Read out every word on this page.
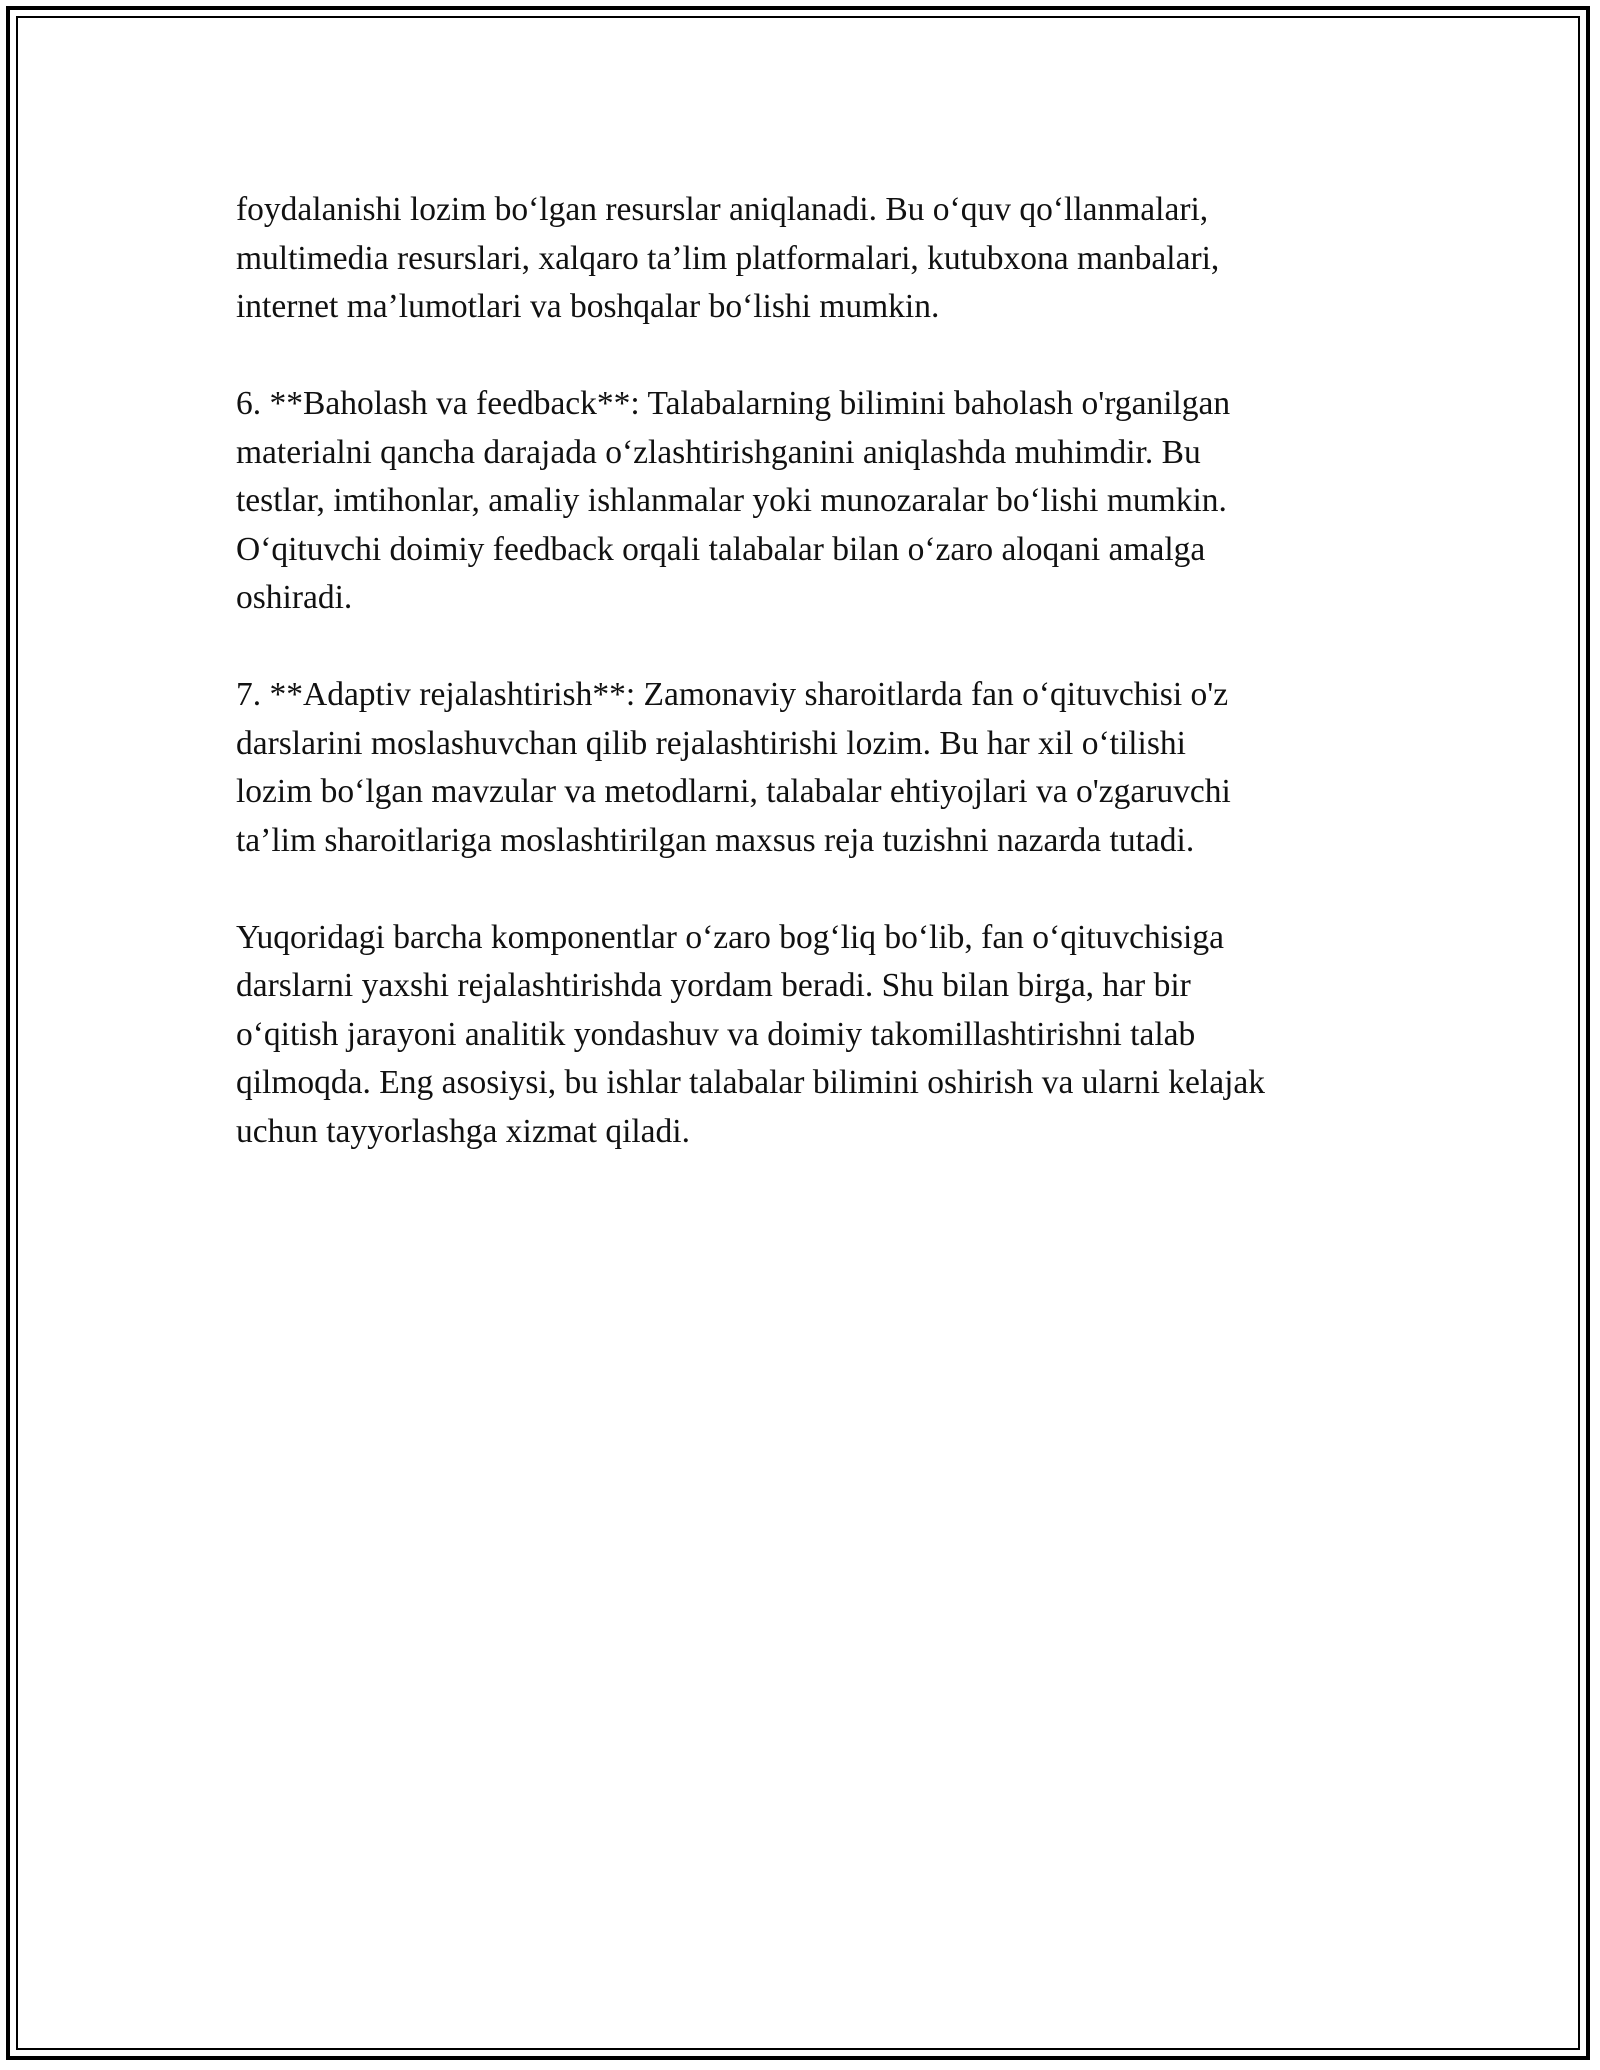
foydalanishi lozim bo‘lgan resurslar aniqlanadi. Bu o‘quv qo‘llanmalari,
multimedia resurslari, xalqaro ta’lim platformalari, kutubxona manbalari,
internet ma’lumotlari va boshqalar bo‘lishi mumkin.

6. **Baholash va feedback**: Talabalarning bilimini baholash o'rganilgan
materialni qancha darajada o‘zlashtirishganini aniqlashda muhimdir. Bu
testlar, imtihonlar, amaliy ishlanmalar yoki munozaralar bo‘lishi mumkin.
O‘qituvchi doimiy feedback orqali talabalar bilan o‘zaro aloqani amalga
oshiradi.

7. **Adaptiv rejalashtirish**: Zamonaviy sharoitlarda fan o‘qituvchisi o'z
darslarini moslashuvchan qilib rejalashtirishi lozim. Bu har xil o‘tilishi
lozim bo‘lgan mavzular va metodlarni, talabalar ehtiyojlari va o'zgaruvchi
ta’lim sharoitlariga moslashtirilgan maxsus reja tuzishni nazarda tutadi.

Yuqoridagi barcha komponentlar o‘zaro bog‘liq bo‘lib, fan o‘qituvchisiga
darslarni yaxshi rejalashtirishda yordam beradi. Shu bilan birga, har bir
o‘qitish jarayoni analitik yondashuv va doimiy takomillashtirishni talab
qilmoqda. Eng asosiysi, bu ishlar talabalar bilimini oshirish va ularni kelajak
uchun tayyorlashga xizmat qiladi.
